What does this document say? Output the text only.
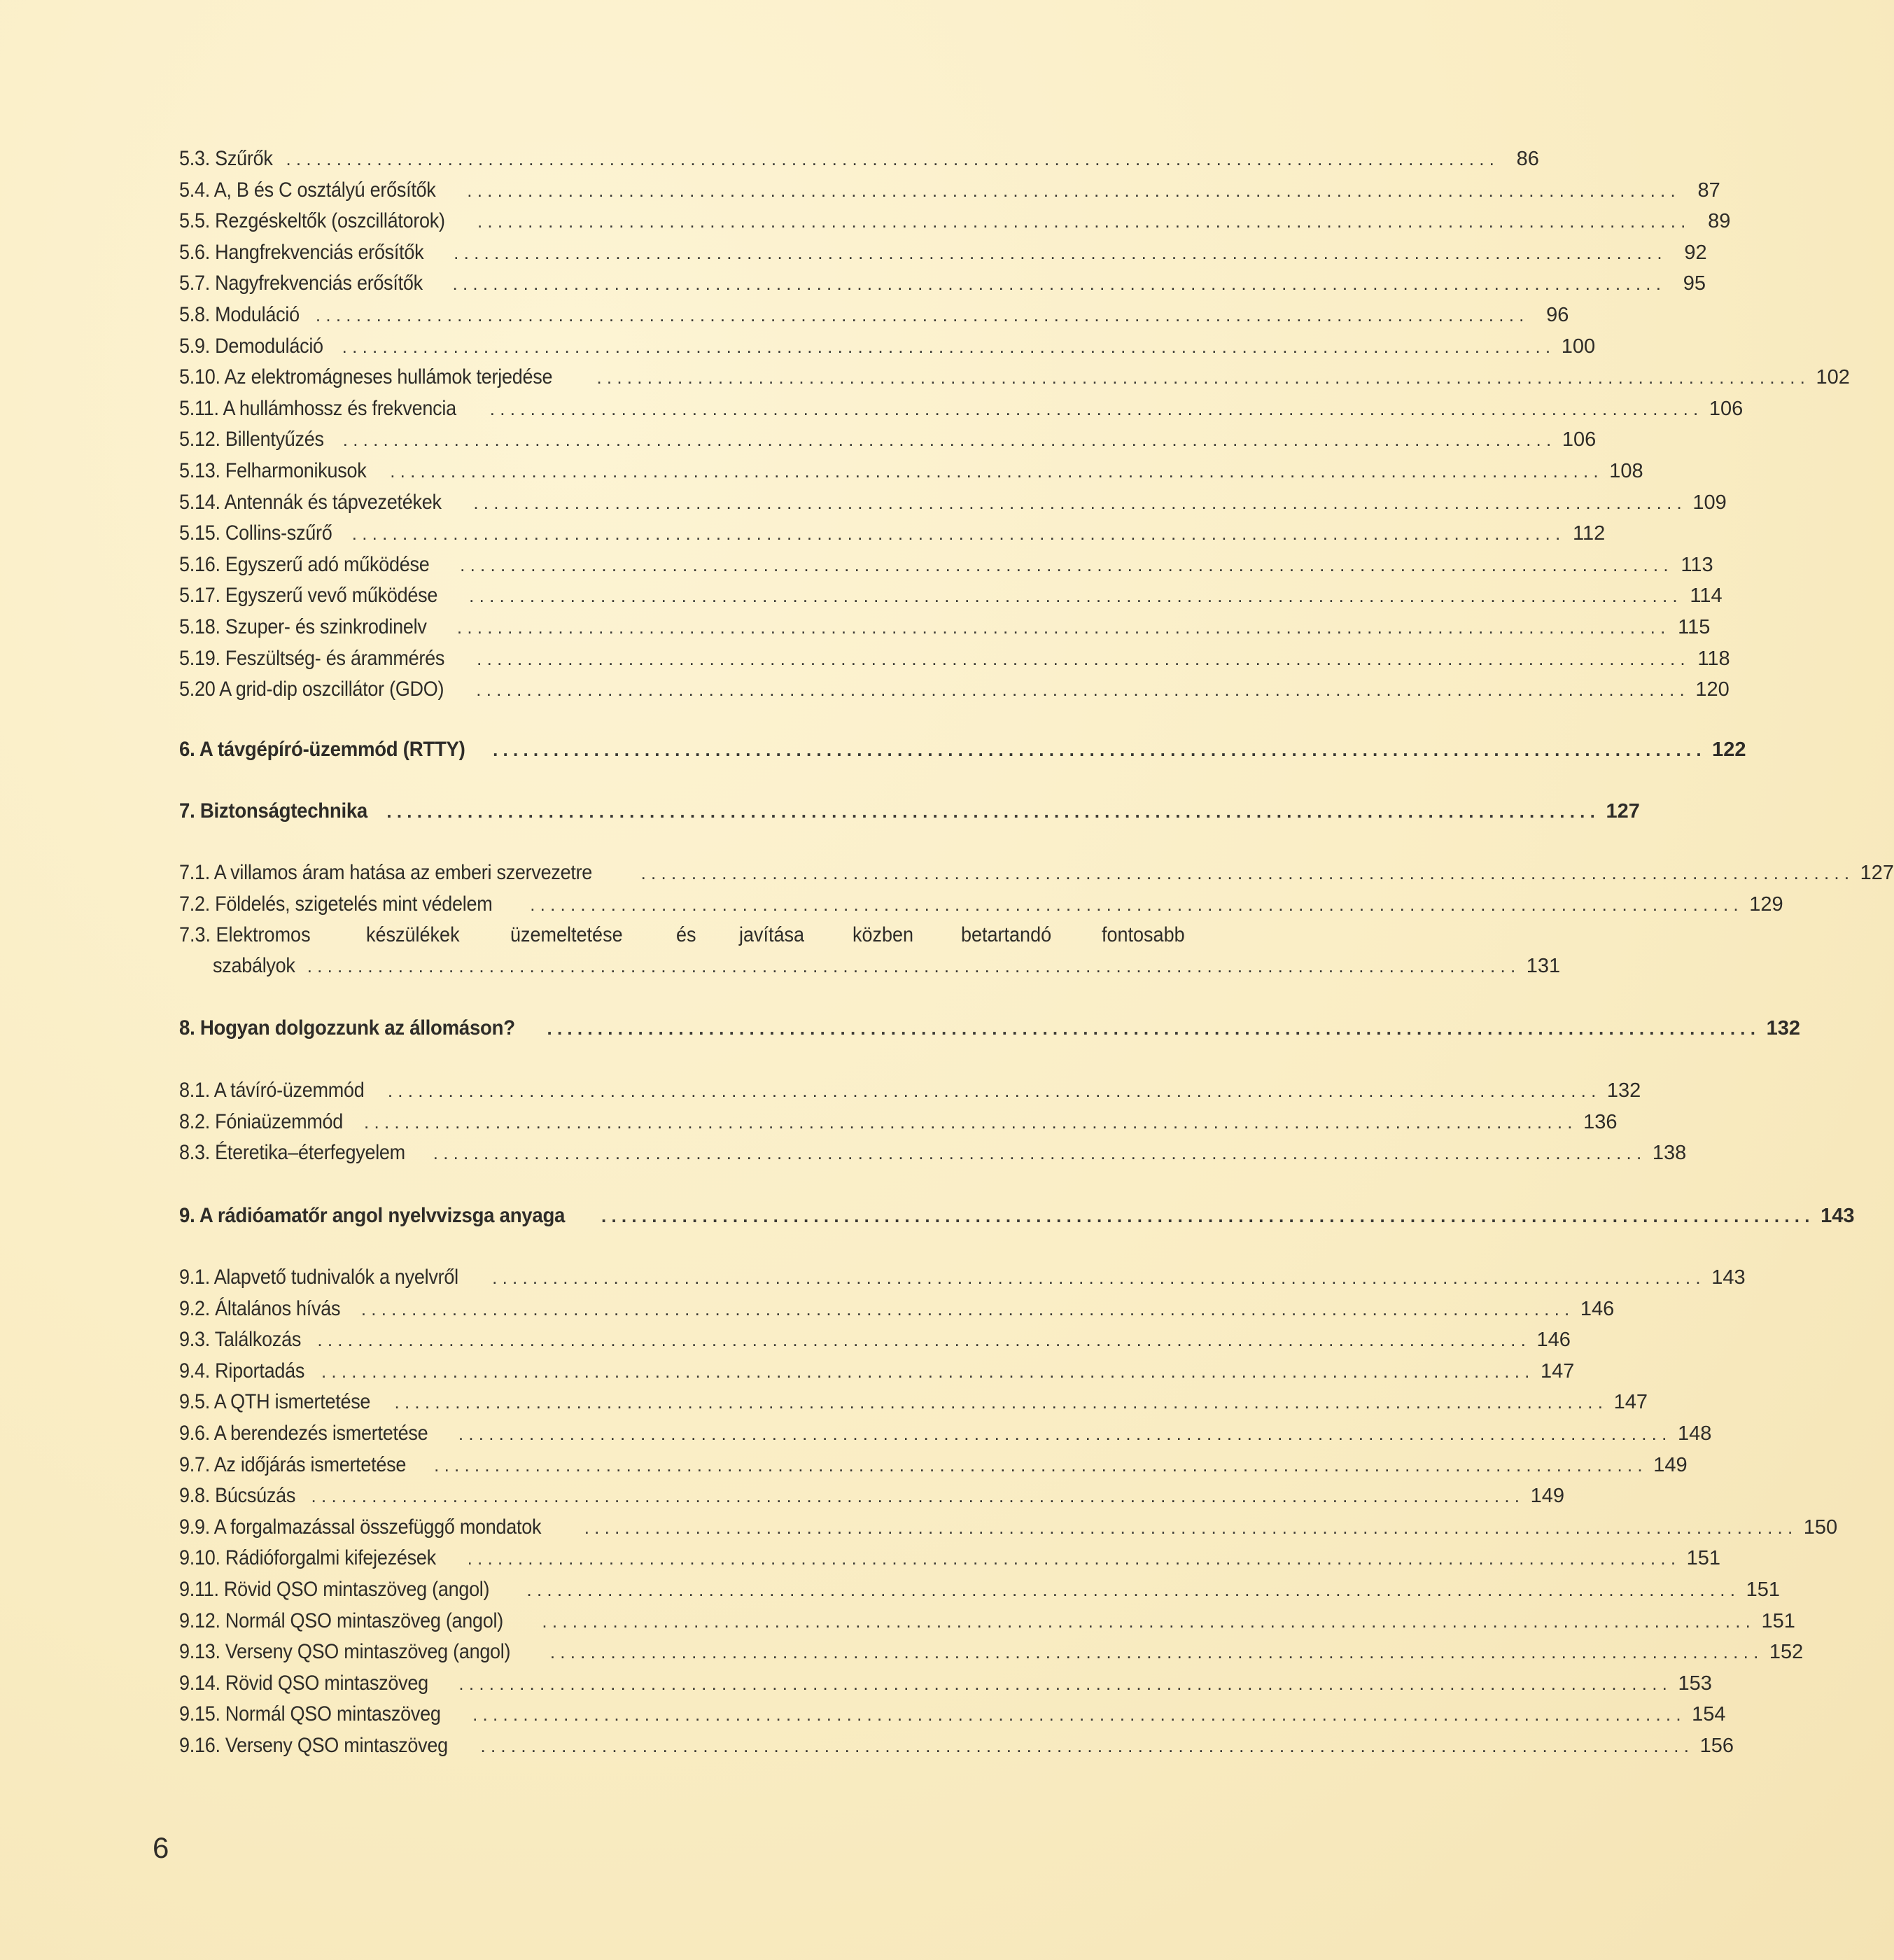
5.3. Szűrők . . . . . . . . . . . . . . . . . . . . . . . . . . . . . . . . . . . . . . . . . . . . . . . . . . . . . . . . . . . . . . . . . . . . . . . . . . . . . . . . . . . . . . . . . . . . . . . . . . . . . . . . . . . . . . . . . . . . . . . .	86
5.4. A, B és C osztályú erősítők . . . . . . . . . . . . . . . . . . . . . . . . . . . . . . . . . . . . . . . . . . . . . . . . . . . . . . . . . . . . . . . . . . . . . . . . . . . . . . . . . . . . . . . . . . . . . . . . . . . . . . . . . . . . . . . . . . . . . . . .	87
5.5. Rezgéskeltők (oszcillátorok) . . . . . . . . . . . . . . . . . . . . . . . . . . . . . . . . . . . . . . . . . . . . . . . . . . . . . . . . . . . . . . . . . . . . . . . . . . . . . . . . . . . . . . . . . . . . . . . . . . . . . . . . . . . . . . . . . . . . . . . .	89
5.6. Hangfrekvenciás erősítők . . . . . . . . . . . . . . . . . . . . . . . . . . . . . . . . . . . . . . . . . . . . . . . . . . . . . . . . . . . . . . . . . . . . . . . . . . . . . . . . . . . . . . . . . . . . . . . . . . . . . . . . . . . . . . . . . . . . . . . .	92
5.7. Nagyfrekvenciás erősítők . . . . . . . . . . . . . . . . . . . . . . . . . . . . . . . . . . . . . . . . . . . . . . . . . . . . . . . . . . . . . . . . . . . . . . . . . . . . . . . . . . . . . . . . . . . . . . . . . . . . . . . . . . . . . . . . . . . . . . . .	95
5.8. Moduláció . . . . . . . . . . . . . . . . . . . . . . . . . . . . . . . . . . . . . . . . . . . . . . . . . . . . . . . . . . . . . . . . . . . . . . . . . . . . . . . . . . . . . . . . . . . . . . . . . . . . . . . . . . . . . . . . . . . . . . . .	96
5.9. Demoduláció . . . . . . . . . . . . . . . . . . . . . . . . . . . . . . . . . . . . . . . . . . . . . . . . . . . . . . . . . . . . . . . . . . . . . . . . . . . . . . . . . . . . . . . . . . . . . . . . . . . . . . . . . . . . . . . . . . . . . . . . 100
5.10. Az elektromágneses hullámok terjedése . . . . . . . . . . . . . . . . . . . . . . . . . . . . . . . . . . . . . . . . . . . . . . . . . . . . . . . . . . . . . . . . . . . . . . . . . . . . . . . . . . . . . . . . . . . . . . . . . . . . . . . . . . . . . . . . . . . . . . . . 102
5.11. A hullámhossz és frekvencia . . . . . . . . . . . . . . . . . . . . . . . . . . . . . . . . . . . . . . . . . . . . . . . . . . . . . . . . . . . . . . . . . . . . . . . . . . . . . . . . . . . . . . . . . . . . . . . . . . . . . . . . . . . . . . . . . . . . . . . . 106
5.12. Billentyűzés . . . . . . . . . . . . . . . . . . . . . . . . . . . . . . . . . . . . . . . . . . . . . . . . . . . . . . . . . . . . . . . . . . . . . . . . . . . . . . . . . . . . . . . . . . . . . . . . . . . . . . . . . . . . . . . . . . . . . . . . 106
5.13. Felharmonikusok . . . . . . . . . . . . . . . . . . . . . . . . . . . . . . . . . . . . . . . . . . . . . . . . . . . . . . . . . . . . . . . . . . . . . . . . . . . . . . . . . . . . . . . . . . . . . . . . . . . . . . . . . . . . . . . . . . . . . . . . 108
5.14. Antennák és tápvezetékek . . . . . . . . . . . . . . . . . . . . . . . . . . . . . . . . . . . . . . . . . . . . . . . . . . . . . . . . . . . . . . . . . . . . . . . . . . . . . . . . . . . . . . . . . . . . . . . . . . . . . . . . . . . . . . . . . . . . . . . . 109
5.15. Collins-szűrő . . . . . . . . . . . . . . . . . . . . . . . . . . . . . . . . . . . . . . . . . . . . . . . . . . . . . . . . . . . . . . . . . . . . . . . . . . . . . . . . . . . . . . . . . . . . . . . . . . . . . . . . . . . . . . . . . . . . . . . . 112
5.16. Egyszerű adó működése . . . . . . . . . . . . . . . . . . . . . . . . . . . . . . . . . . . . . . . . . . . . . . . . . . . . . . . . . . . . . . . . . . . . . . . . . . . . . . . . . . . . . . . . . . . . . . . . . . . . . . . . . . . . . . . . . . . . . . . . 113
5.17. Egyszerű vevő működése . . . . . . . . . . . . . . . . . . . . . . . . . . . . . . . . . . . . . . . . . . . . . . . . . . . . . . . . . . . . . . . . . . . . . . . . . . . . . . . . . . . . . . . . . . . . . . . . . . . . . . . . . . . . . . . . . . . . . . . . 114
5.18. Szuper- és szinkrodinelv . . . . . . . . . . . . . . . . . . . . . . . . . . . . . . . . . . . . . . . . . . . . . . . . . . . . . . . . . . . . . . . . . . . . . . . . . . . . . . . . . . . . . . . . . . . . . . . . . . . . . . . . . . . . . . . . . . . . . . . . 115
5.19. Feszültség- és árammérés . . . . . . . . . . . . . . . . . . . . . . . . . . . . . . . . . . . . . . . . . . . . . . . . . . . . . . . . . . . . . . . . . . . . . . . . . . . . . . . . . . . . . . . . . . . . . . . . . . . . . . . . . . . . . . . . . . . . . . . . 118
5.20 A grid-dip oszcillátor (GDO) . . . . . . . . . . . . . . . . . . . . . . . . . . . . . . . . . . . . . . . . . . . . . . . . . . . . . . . . . . . . . . . . . . . . . . . . . . . . . . . . . . . . . . . . . . . . . . . . . . . . . . . . . . . . . . . . . . . . . . . . 120
6. A távgépíró-üzemmód (RTTY) . . . . . . . . . . . . . . . . . . . . . . . . . . . . . . . . . . . . . . . . . . . . . . . . . . . . . . . . . . . . . . . . . . . . . . . . . . . . . . . . . . . . . . . . . . . . . . . . . . . . . . . . . . . . . . . . . . . . . . . . 122
7. Biztonságtechnika . . . . . . . . . . . . . . . . . . . . . . . . . . . . . . . . . . . . . . . . . . . . . . . . . . . . . . . . . . . . . . . . . . . . . . . . . . . . . . . . . . . . . . . . . . . . . . . . . . . . . . . . . . . . . . . . . . . . . . . . 127
7.1. A villamos áram hatása az emberi szervezetre	. . . . . . . . . . . . . . . . . . . . . . . . . . . . . . . . . . . . . . . . . . . . . . . . . . . . . . . . . . . . . . . . . . . . . . . . . . . . . . . . . . . . . . . . . . . . . . . . . . . . . . . . . . . . . . . . . . . . . . . . 127
7.2. Földelés, szigetelés mint védelem . . . . . . . . . . . . . . . . . . . . . . . . . . . . . . . . . . . . . . . . . . . . . . . . . . . . . . . . . . . . . . . . . . . . . . . . . . . . . . . . . . . . . . . . . . . . . . . . . . . . . . . . . . . . . . . . . . . . . . . . 129
7.3. Elektromos	készülékek üzemeltetése	és javítása közben betartandó fontosabb
szabályok . . . . . . . . . . . . . . . . . . . . . . . . . . . . . . . . . . . . . . . . . . . . . . . . . . . . . . . . . . . . . . . . . . . . . . . . . . . . . . . . . . . . . . . . . . . . . . . . . . . . . . . . . . . . . . . . . . . . . . . . 131
8. Hogyan dolgozzunk az állomáson? . . . . . . . . . . . . . . . . . . . . . . . . . . . . . . . . . . . . . . . . . . . . . . . . . . . . . . . . . . . . . . . . . . . . . . . . . . . . . . . . . . . . . . . . . . . . . . . . . . . . . . . . . . . . . . . . . . . . . . . . 132
8.1. A távíró-üzemmód . . . . . . . . . . . . . . . . . . . . . . . . . . . . . . . . . . . . . . . . . . . . . . . . . . . . . . . . . . . . . . . . . . . . . . . . . . . . . . . . . . . . . . . . . . . . . . . . . . . . . . . . . . . . . . . . . . . . . . . . 132
8.2. Fóniaüzemmód . . . . . . . . . . . . . . . . . . . . . . . . . . . . . . . . . . . . . . . . . . . . . . . . . . . . . . . . . . . . . . . . . . . . . . . . . . . . . . . . . . . . . . . . . . . . . . . . . . . . . . . . . . . . . . . . . . . . . . . . 136
8.3. Éteretika–éterfegyelem . . . . . . . . . . . . . . . . . . . . . . . . . . . . . . . . . . . . . . . . . . . . . . . . . . . . . . . . . . . . . . . . . . . . . . . . . . . . . . . . . . . . . . . . . . . . . . . . . . . . . . . . . . . . . . . . . . . . . . . . 138
9. A rádióamatőr angol nyelvvizsga anyaga . . . . . . . . . . . . . . . . . . . . . . . . . . . . . . . . . . . . . . . . . . . . . . . . . . . . . . . . . . . . . . . . . . . . . . . . . . . . . . . . . . . . . . . . . . . . . . . . . . . . . . . . . . . . . . . . . . . . . . . . 143
9.1. Alapvető tudnivalók a nyelvről . . . . . . . . . . . . . . . . . . . . . . . . . . . . . . . . . . . . . . . . . . . . . . . . . . . . . . . . . . . . . . . . . . . . . . . . . . . . . . . . . . . . . . . . . . . . . . . . . . . . . . . . . . . . . . . . . . . . . . . . 143
9.2. Általános hívás . . . . . . . . . . . . . . . . . . . . . . . . . . . . . . . . . . . . . . . . . . . . . . . . . . . . . . . . . . . . . . . . . . . . . . . . . . . . . . . . . . . . . . . . . . . . . . . . . . . . . . . . . . . . . . . . . . . . . . . . 146
9.3. Találkozás . . . . . . . . . . . . . . . . . . . . . . . . . . . . . . . . . . . . . . . . . . . . . . . . . . . . . . . . . . . . . . . . . . . . . . . . . . . . . . . . . . . . . . . . . . . . . . . . . . . . . . . . . . . . . . . . . . . . . . . . 146
9.4. Riportadás . . . . . . . . . . . . . . . . . . . . . . . . . . . . . . . . . . . . . . . . . . . . . . . . . . . . . . . . . . . . . . . . . . . . . . . . . . . . . . . . . . . . . . . . . . . . . . . . . . . . . . . . . . . . . . . . . . . . . . . . 147
9.5. A QTH ismertetése . . . . . . . . . . . . . . . . . . . . . . . . . . . . . . . . . . . . . . . . . . . . . . . . . . . . . . . . . . . . . . . . . . . . . . . . . . . . . . . . . . . . . . . . . . . . . . . . . . . . . . . . . . . . . . . . . . . . . . . . 147
9.6. A berendezés ismertetése . . . . . . . . . . . . . . . . . . . . . . . . . . . . . . . . . . . . . . . . . . . . . . . . . . . . . . . . . . . . . . . . . . . . . . . . . . . . . . . . . . . . . . . . . . . . . . . . . . . . . . . . . . . . . . . . . . . . . . . . 148
9.7. Az időjárás ismertetése . . . . . . . . . . . . . . . . . . . . . . . . . . . . . . . . . . . . . . . . . . . . . . . . . . . . . . . . . . . . . . . . . . . . . . . . . . . . . . . . . . . . . . . . . . . . . . . . . . . . . . . . . . . . . . . . . . . . . . . . 149
9.8. Búcsúzás . . . . . . . . . . . . . . . . . . . . . . . . . . . . . . . . . . . . . . . . . . . . . . . . . . . . . . . . . . . . . . . . . . . . . . . . . . . . . . . . . . . . . . . . . . . . . . . . . . . . . . . . . . . . . . . . . . . . . . . . 149
9.9. A forgalmazással összefüggő mondatok . . . . . . . . . . . . . . . . . . . . . . . . . . . . . . . . . . . . . . . . . . . . . . . . . . . . . . . . . . . . . . . . . . . . . . . . . . . . . . . . . . . . . . . . . . . . . . . . . . . . . . . . . . . . . . . . . . . . . . . . 150
9.10. Rádióforgalmi kifejezések . . . . . . . . . . . . . . . . . . . . . . . . . . . . . . . . . . . . . . . . . . . . . . . . . . . . . . . . . . . . . . . . . . . . . . . . . . . . . . . . . . . . . . . . . . . . . . . . . . . . . . . . . . . . . . . . . . . . . . . . 151
9.11. Rövid QSO mintaszöveg (angol) . . . . . . . . . . . . . . . . . . . . . . . . . . . . . . . . . . . . . . . . . . . . . . . . . . . . . . . . . . . . . . . . . . . . . . . . . . . . . . . . . . . . . . . . . . . . . . . . . . . . . . . . . . . . . . . . . . . . . . . . 151
9.12. Normál QSO mintaszöveg (angol) . . . . . . . . . . . . . . . . . . . . . . . . . . . . . . . . . . . . . . . . . . . . . . . . . . . . . . . . . . . . . . . . . . . . . . . . . . . . . . . . . . . . . . . . . . . . . . . . . . . . . . . . . . . . . . . . . . . . . . . . 151
9.13. Verseny QSO mintaszöveg (angol) . . . . . . . . . . . . . . . . . . . . . . . . . . . . . . . . . . . . . . . . . . . . . . . . . . . . . . . . . . . . . . . . . . . . . . . . . . . . . . . . . . . . . . . . . . . . . . . . . . . . . . . . . . . . . . . . . . . . . . . . 152
9.14. Rövid QSO mintaszöveg . . . . . . . . . . . . . . . . . . . . . . . . . . . . . . . . . . . . . . . . . . . . . . . . . . . . . . . . . . . . . . . . . . . . . . . . . . . . . . . . . . . . . . . . . . . . . . . . . . . . . . . . . . . . . . . . . . . . . . . . 153
9.15. Normál QSO mintaszöveg . . . . . . . . . . . . . . . . . . . . . . . . . . . . . . . . . . . . . . . . . . . . . . . . . . . . . . . . . . . . . . . . . . . . . . . . . . . . . . . . . . . . . . . . . . . . . . . . . . . . . . . . . . . . . . . . . . . . . . . . 154
9.16. Verseny QSO mintaszöveg . . . . . . . . . . . . . . . . . . . . . . . . . . . . . . . . . . . . . . . . . . . . . . . . . . . . . . . . . . . . . . . . . . . . . . . . . . . . . . . . . . . . . . . . . . . . . . . . . . . . . . . . . . . . . . . . . . . . . . . . 156
6
